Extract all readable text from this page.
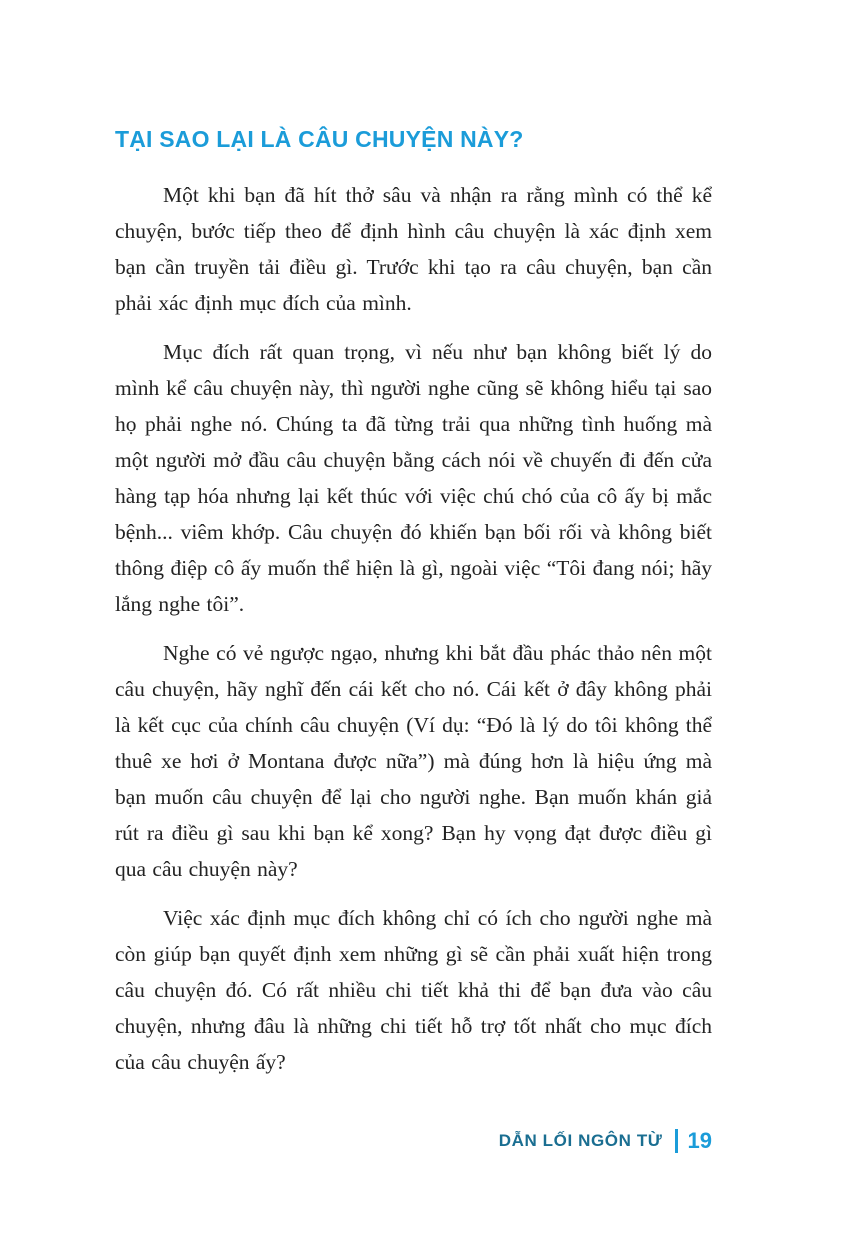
TẠI SAO LẠI LÀ CÂU CHUYỆN NÀY?

Một khi bạn đã hít thở sâu và nhận ra rằng mình có thể kể chuyện, bước tiếp theo để định hình câu chuyện là xác định xem bạn cần truyền tải điều gì. Trước khi tạo ra câu chuyện, bạn cần phải xác định mục đích của mình.

Mục đích rất quan trọng, vì nếu như bạn không biết lý do mình kể câu chuyện này, thì người nghe cũng sẽ không hiểu tại sao họ phải nghe nó. Chúng ta đã từng trải qua những tình huống mà một người mở đầu câu chuyện bằng cách nói về chuyến đi đến cửa hàng tạp hóa nhưng lại kết thúc với việc chú chó của cô ấy bị mắc bệnh... viêm khớp. Câu chuyện đó khiến bạn bối rối và không biết thông điệp cô ấy muốn thể hiện là gì, ngoài việc “Tôi đang nói; hãy lắng nghe tôi”.

Nghe có vẻ ngược ngạo, nhưng khi bắt đầu phác thảo nên một câu chuyện, hãy nghĩ đến cái kết cho nó. Cái kết ở đây không phải là kết cục của chính câu chuyện (Ví dụ: “Đó là lý do tôi không thể thuê xe hơi ở Montana được nữa”) mà đúng hơn là hiệu ứng mà bạn muốn câu chuyện để lại cho người nghe. Bạn muốn khán giả rút ra điều gì sau khi bạn kể xong? Bạn hy vọng đạt được điều gì qua câu chuyện này?

Việc xác định mục đích không chỉ có ích cho người nghe mà còn giúp bạn quyết định xem những gì sẽ cần phải xuất hiện trong câu chuyện đó. Có rất nhiều chi tiết khả thi để bạn đưa vào câu chuyện, nhưng đâu là những chi tiết hỗ trợ tốt nhất cho mục đích của câu chuyện ấy?

DẪN LỐI NGÔN TỪ 19
